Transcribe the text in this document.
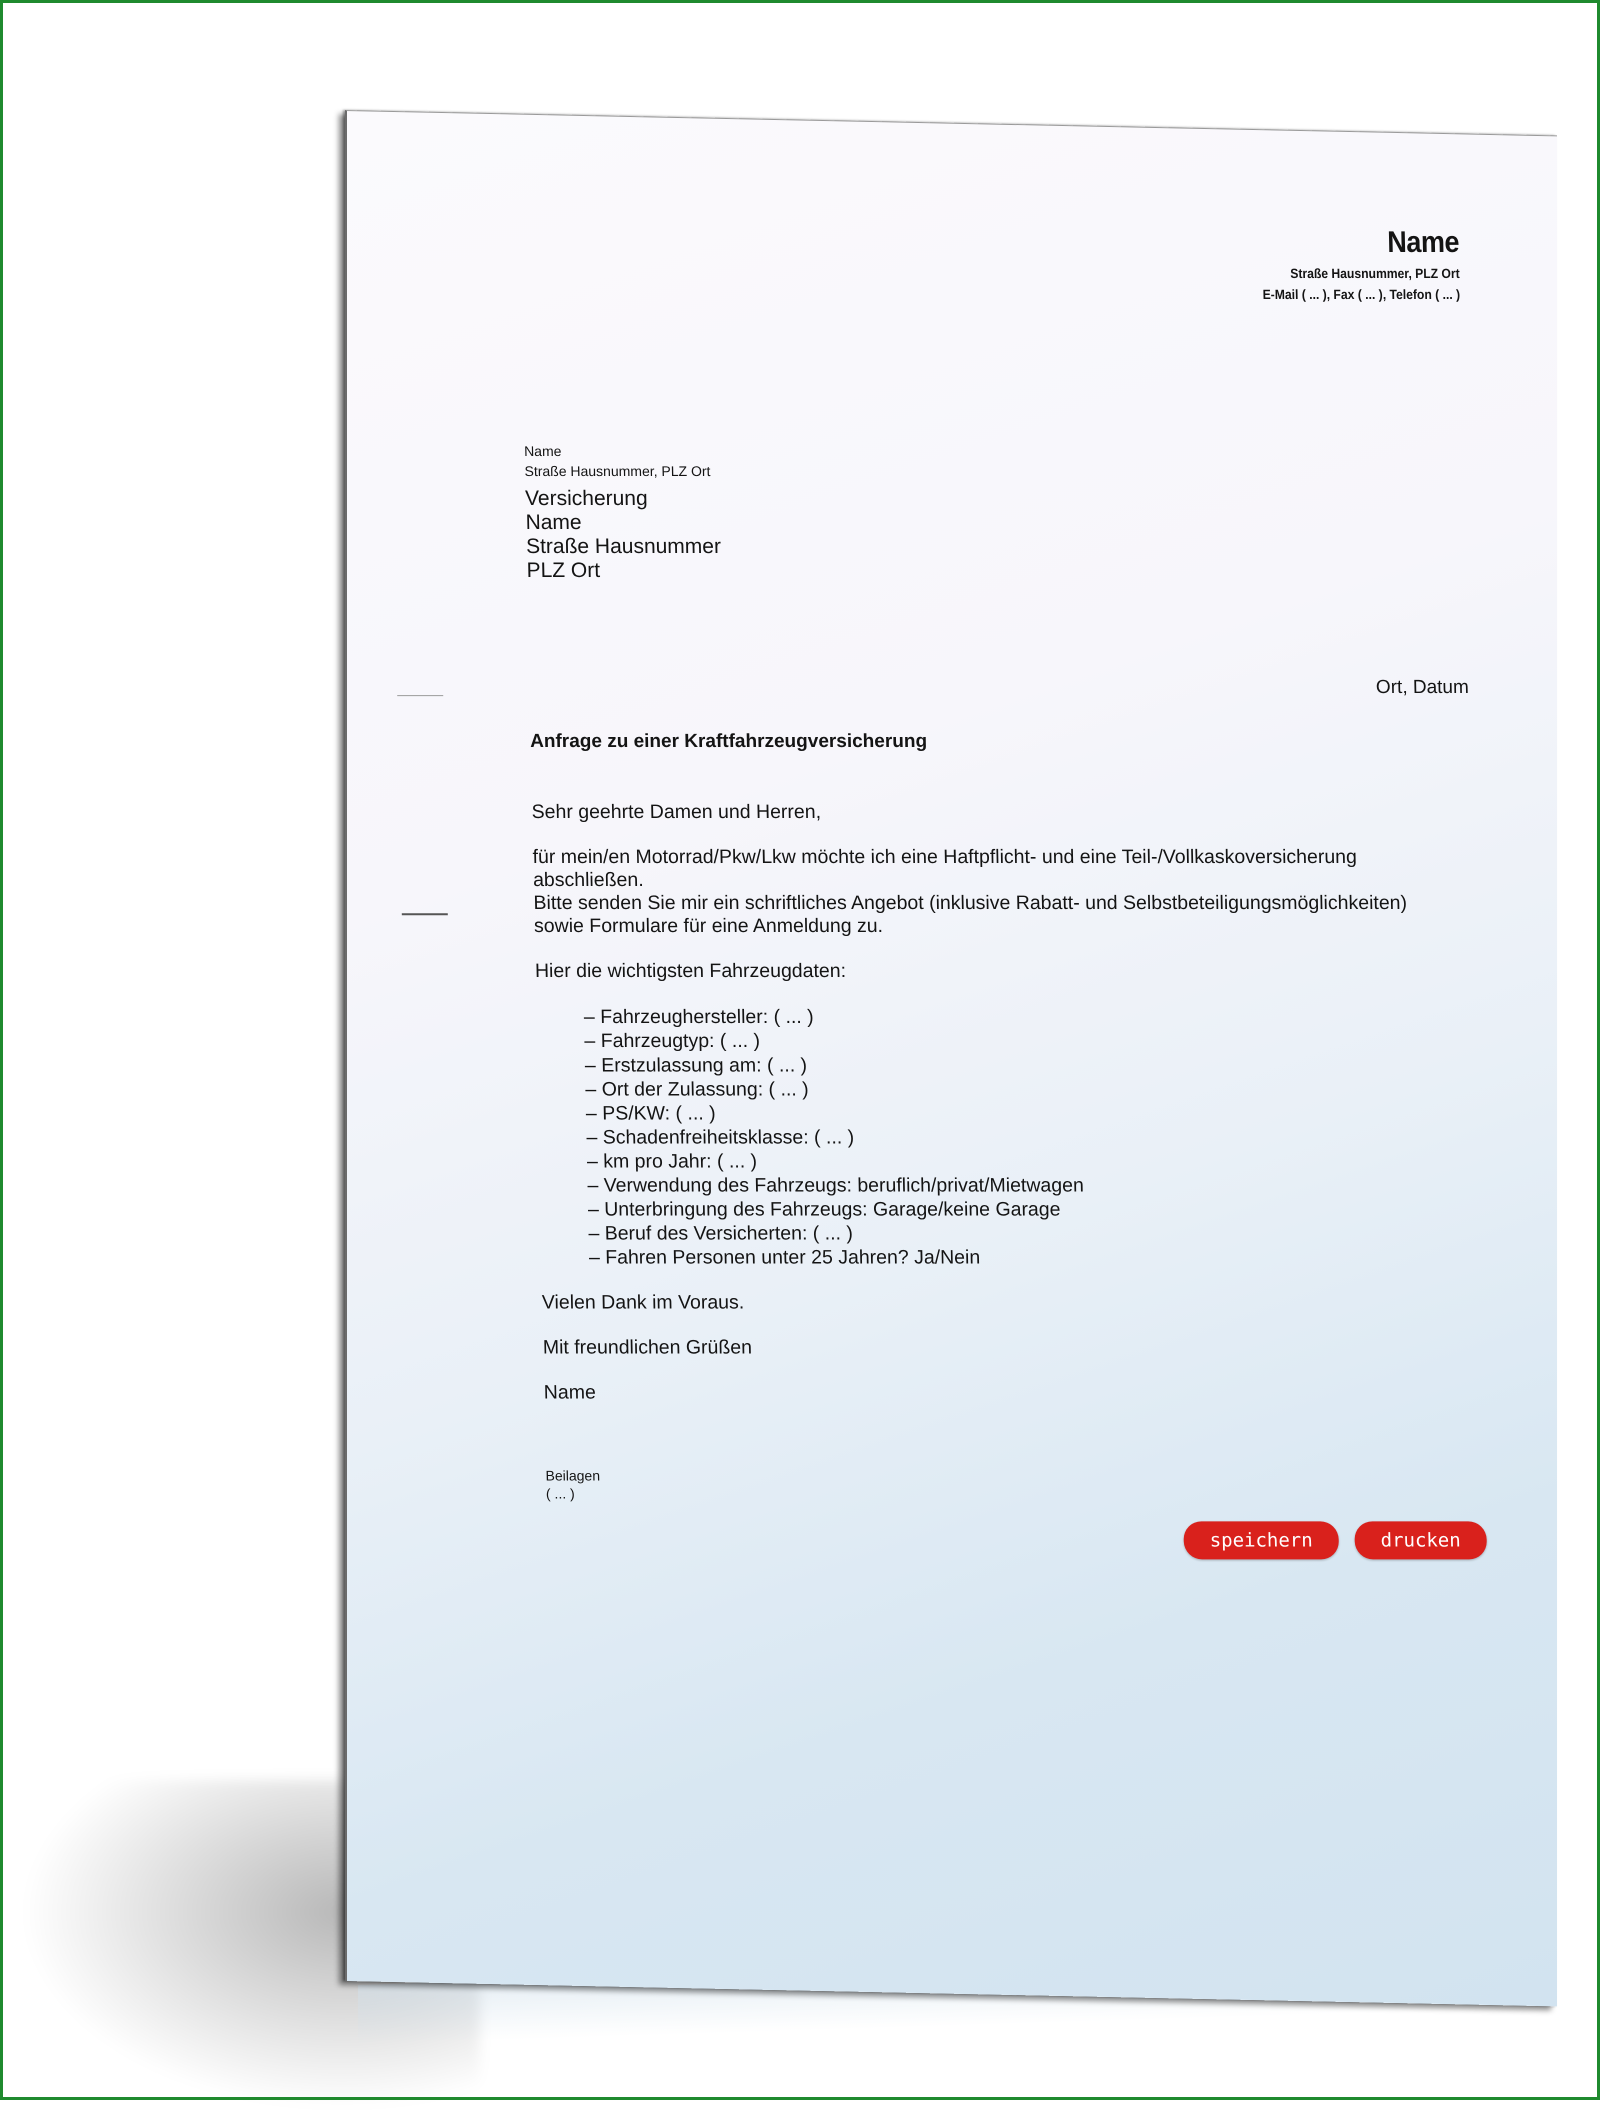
Name
Straße Hausnummer, PLZ Ort
E-Mail ( ... ), Fax ( ... ), Telefon ( ... )
Name
Straße Hausnummer, PLZ Ort
Versicherung
Name
Straße Hausnummer
PLZ Ort
Ort, Datum
Anfrage zu einer Kraftfahrzeugversicherung

Sehr geehrte Damen und Herren,

für mein/en Motorrad/Pkw/Lkw möchte ich eine Haftpflicht- und eine Teil-/Vollkaskoversicherung abschließen.

Bitte senden Sie mir ein schriftliches Angebot (inklusive Rabatt- und Selbstbeteiligungsmöglichkeiten) sowie Formulare für eine Anmeldung zu.

Hier die wichtigsten Fahrzeugdaten:

– Fahrzeughersteller: ( ... )
– Fahrzeugtyp: ( ... )
– Erstzulassung am: ( ... )
– Ort der Zulassung: ( ... )
– PS/KW: ( ... )
– Schadenfreiheitsklasse: ( ... )
– km pro Jahr: ( ... )
– Verwendung des Fahrzeugs: beruflich/privat/Mietwagen
– Unterbringung des Fahrzeugs: Garage/keine Garage
– Beruf des Versicherten: ( ... )
– Fahren Personen unter 25 Jahren? Ja/Nein

Vielen Dank im Voraus.

Mit freundlichen Grüßen

Name

Beilagen
( ... )
speichern	drucken
